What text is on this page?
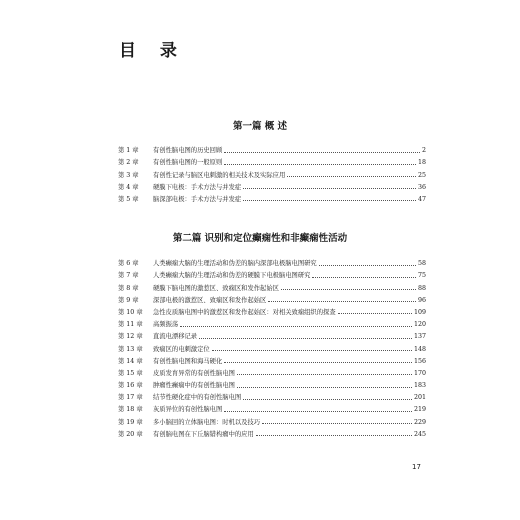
目 录
第一篇 概 述
第 1 章	有创性脑电图的历史回顾	2
第 2 章	有创性脑电图的一般原则	18
第 3 章	有创性记录与脑区电刺激的相关技术及实际应用	25
第 4 章	硬膜下电极：手术方法与并发症	36
第 5 章	脑深部电极：手术方法与并发症	47
第二篇 识别和定位癫痫性和非癫痫性活动
第 6 章	人类癫痫大脑的生理活动和伪差的脑内深部电极脑电图研究	58
第 7 章	人类癫痫大脑的生理活动和伪差的硬膜下电极脑电图研究	75
第 8 章	硬膜下脑电图的激惹区、致痫区和发作起始区	88
第 9 章	深部电极的激惹区、致痫区和发作起始区	96
第 10 章	急性皮质脑电图中的激惹区和发作起始区：对相关致痫组织的探查	109
第 11 章	高频振荡	120
第 12 章	直流电漂移记录	137
第 13 章	致痫区的电刺激定位	148
第 14 章	有创性脑电图和海马硬化	156
第 15 章	皮质发育异常的有创性脑电图	170
第 16 章	肿瘤性癫痫中的有创性脑电图	183
第 17 章	结节性硬化症中的有创性脑电图	201
第 18 章	灰质异位的有创性脑电图	219
第 19 章	多小脑回的立体脑电图：时机以及技巧	229
第 20 章	有创脑电图在下丘脑错构瘤中的应用	245
17
